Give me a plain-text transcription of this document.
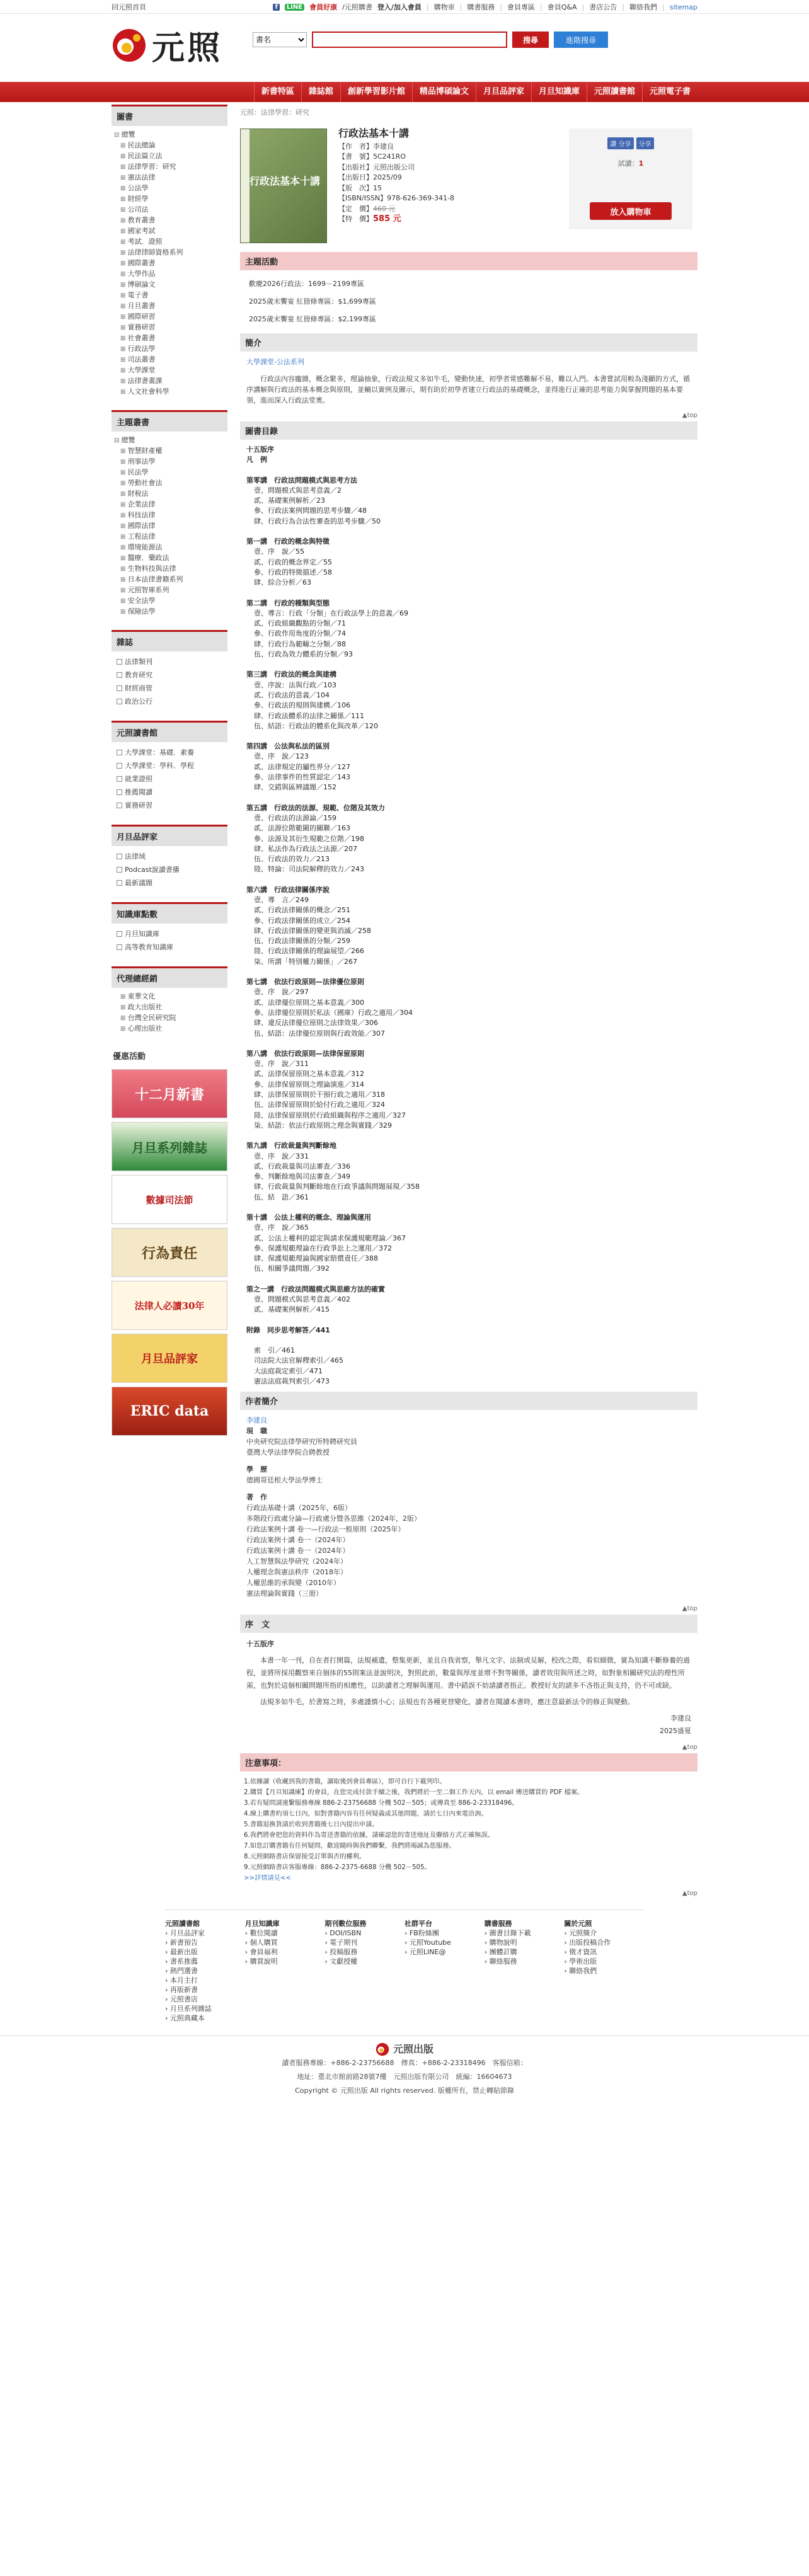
回元照首頁	f	LINE 會員好康 /元照購書 登入/加入會員 | 購物車 | 購書服務 | 會員專區 | 會員Q&A | 書店公告 | 聯絡我們 | sitemap
元照
書名	搜尋	進階搜尋
新書特區	雜誌館	創新學習影片館	精品博碩論文	月旦品評家	月旦知識庫	元照讀書館	元照電子書
圖書
⊟ 總覽
⊞ 民法總論
⊞ 民法篇立法
⊞ 法律學習：研究
⊞ 憲法法律
⊞ 公法學
⊞ 財經學
⊞ 公司法
⊞ 教育叢書
⊞ 國家考試
⊞ 考試．證照
⊞ 法律律師資格系列
⊞ 國際叢書
⊞ 大學作品
⊞ 博碩論文
⊞ 電子書
⊞ 月旦叢書
⊞ 國際研習
⊞ 實務研習
⊞ 社會叢書
⊞ 行政法學
⊞ 司法叢書
⊞ 大學課堂
⊞ 法律書畫課
⊞ 人文社會科學
主題叢書
⊟ 總覽
⊞ 智慧財產權
⊞ 刑事法學
⊞ 民法學
⊞ 勞動社會法
⊞ 財稅法
⊞ 企業法律
⊞ 科技法律
⊞ 國際法律
⊞ 工程法律
⊞ 環境能源法
⊞ 醫療．藥政法
⊞ 生物科技與法律
⊞ 日本法律書籍系列
⊞ 元照智庫系列
⊞ 安全法學
⊞ 保險法學
雜誌
法律類刊
教育研究
財經商管
政治公行
元照讀書館
大學課堂：基礎．素養
大學課堂：學科．學程
就業證照
推薦閱讀
實務研習
月旦品評家
法律域
Podcast說讀書播
最新議題
知識庫點數
月旦知識庫
高等教育知識庫
代理總經銷
⊞ 東華文化
⊞ 政大出版社
⊞ 台灣全民研究院
⊞ 心理出版社
優惠活動
十二月新書
月旦系列雜誌
數據司法節
行為責任
法律人必讀30年
月旦品評家
ERIC data
元照：法律學習：研究
行政法基本十講
行政法基本十講
【作　者】李建良
【書　號】5C241RO
【出版社】元照出版公司
【出版日】2025/09
【版　次】15
【ISBN/ISSN】978-626-369-341-8
【定　價】460 元
【特　價】585 元
讚 分享	分享
試讀：1
放入購物車
主題活動
歡慶2026行政法：1699－2199專區
2025歲末饗宴 紅冊條專區：$1,699專區
2025歲末饗宴 紅冊條專區：$2,199專區
簡介
大學課堂-公法系列

行政法內容龐雜，概念繁多，理論抽象，行政法規又多如牛毛，變動快速，初學者常感難解不易，難以入門。本書嘗試用較為淺顯的方式，循序講解與行政法的基本概念與原則，並輔以實例及圖示，期有助於初學者建立行政法的基礎概念，並得進行正確的思考能力與掌握問題的基本要領，進而深入行政法堂奧。

▲top
圖書目錄
十五版序
凡　例
第零講　行政法問題模式與思考方法
壹、問題模式與思考意義／2
貳、基礎案例解析／23
參、行政法案例問題的思考步驟／48
肆、行政行為合法性審查的思考步驟／50
第一講　行政的概念與特徵
壹、序　說／55
貳、行政的概念界定／55
參、行政的特徵描述／58
肆、綜合分析／63
第二講　行政的種類與型態
壹、導言：行政「分類」在行政法學上的意義／69
貳、行政組織觀點的分類／71
參、行政作用角度的分類／74
肆、行政行為範疇之分類／88
伍、行政為效力體系的分類／93
第三講　行政法的概念與建構
壹、序說：法與行政／103
貳、行政法的意義／104
參、行政法的規則與建構／106
肆、行政法體系的法律之關係／111
伍、結語：行政法的體系化與改革／120
第四講　公法與私法的區別
壹、序　說／123
貳、法律規定的屬性界分／127
參、法律事件的性質認定／143
肆、交錯與區辨議題／152
第五講　行政法的法源、規範、位階及其效力
壹、行政法的法源論／159
貳、法源位階範圍的關聯／163
參、法源及其衍生規範之位階／198
肆、私法作為行政法之法源／207
伍、行政法的效力／213
陸、特論：司法院解釋的效力／243
第六講　行政法律關係序說
壹、導　言／249
貳、行政法律關係的概念／251
參、行政法律關係的成立／254
肆、行政法律關係的變更與消滅／258
伍、行政法律關係的分類／259
陸、行政法律關係的理論展望／266
柒、所謂「特別權力關係」／267
第七講　依法行政原則—法律優位原則
壹、序　說／297
貳、法律優位原則之基本意義／300
參、法律優位原則於私法（國庫）行政之適用／304
肆、違反法律優位原則之法律效果／306
伍、結語：法律優位原則與行政效能／307
第八講　依法行政原則—法律保留原則
壹、序　說／311
貳、法律保留原則之基本意義／312
參、法律保留原則之理論演進／314
肆、法律保留原則於干預行政之適用／318
伍、法律保留原則於給付行政之適用／324
陸、法律保留原則於行政組織與程序之適用／327
柒、結語：依法行政原則之理念與實踐／329
第九講　行政裁量與判斷餘地
壹、序　說／331
貳、行政裁量與司法審查／336
參、判斷餘地與司法審查／349
肆、行政裁量與判斷餘地在行政爭議與問題展現／358
伍、結　語／361
第十講　公法上權利的概念、理論與運用
壹、序　說／365
貳、公法上權利的認定與請求保護規範理論／367
參、保護規範理論在行政爭訟上之運用／372
肆、保護規範理論與國家賠償責任／388
伍、相關爭議問題／392
第之一講　行政法問題模式與思維方法的確實
壹、問題模式與思考意義／402
貳、基礎案例解析／415
附錄　同步思考解答／441
索　引／461
司法院大法官解釋索引／465
大法庭裁定索引／471
憲法法庭裁判索引／473
作者簡介
李建良
現　職
中央研究院法律學研究所特聘研究員
臺灣大學法律學院合聘教授
學　歷
德國哥廷根大學法學博士
著　作
行政法基礎十講（2025年，6版）
多階段行政處分論—行政處分暨各思維（2024年，2版）
行政法案例十講 卷一—行政法一般原則（2025年）
行政法案例十講 卷一（2024年）
行政法案例十講 卷一（2024年）
人工智慧與法學研究（2024年）
人權理念與憲法秩序（2018年）
人權思維的承與變（2010年）
憲法理論與實踐（三冊）
▲top
序　文
十五版序

本書一年一刊，自在者打開篇，法規補遺，整集更新，並且自我省察，舉凡文字、法制或見解，校改之際，看似細微，實為知識不斷修養的過程，並將所採用觀察來自個体的55則案法並說明決，對照此前，數量與厚度並增不對等關係，讀者效用與所述之時，如對象相關研究法的理性所需，也對於這個相關問題所指的相應性，以助讀者之理解與運用。書中錯誤不妨請讀者指正。教授好友的諸多不吝指正與支持，仍不可或缺。

法規多如牛毛，於書寫之時，多處謹慎小心；法規也有各種更替變化，讀者在閱讀本書時，應注意最新法令的修正與變動。

李建良
2025盛夏
▲top
注意事項：
1.依據讀（收藏到我的書籍，讀取後到會員專區），即可自行下載列印。
2.購買【月旦知識庫】的會員，在您完成付款手續之後，我們將於一至二個工作天內，以 email 傳送購買的 PDF 檔案。
3.若有疑問請連繫服務專線 886-2-23756688 分機 502－505；或傳真至 886-2-23318496。
4.線上購書約須七日內，如對書籍內容有任何疑義或其他問題，請於七日內來電洽詢。
5.書籍退換貨請於收到書籍後七日內提出申請。
6.我們將會把您的資料作為寄送書籍的依據，請確認您的寄送地址及聯絡方式正確無誤。
7.如您訂購書籍有任何疑問，歡迎隨時與我們聯繫，我們將竭誠為您服務。
8.元照網路書店保留接受訂單與否的權利。
9.元照網路書店客服專線：886-2-2375-6688 分機 502－505。
>>詳情請見<<
▲top
元照讀書館
› 月旦品評家
› 新書預告
› 最新出版
› 書系推薦
› 熱門選書
› 本月主打
› 再版新書
› 元照書店
› 月旦系列雜誌
› 元照典藏本
月旦知識庫
› 數位閱讀
› 個人購買
› 會員福利
› 購買說明
期刊數位服務
› DOI/ISBN
› 電子期刊
› 投稿服務
› 文獻授權
社群平台
› FB粉絲團
› 元照Youtube
› 元照LINE@
購書服務
› 圖書目錄下載
› 購物說明
› 團體訂購
› 聯絡服務
關於元照
› 元照簡介
› 出版投稿合作
› 徵才資訊
› 學術出版
› 聯絡我們
元照出版
讀者服務專線：+886-2-23756688　傳真：+886-2-23318496　客服信箱：
地址：臺北市館前路28號7樓　元照出版有限公司　統編：16604673
Copyright © 元照出版 All rights reserved. 版權所有，禁止轉貼節錄
